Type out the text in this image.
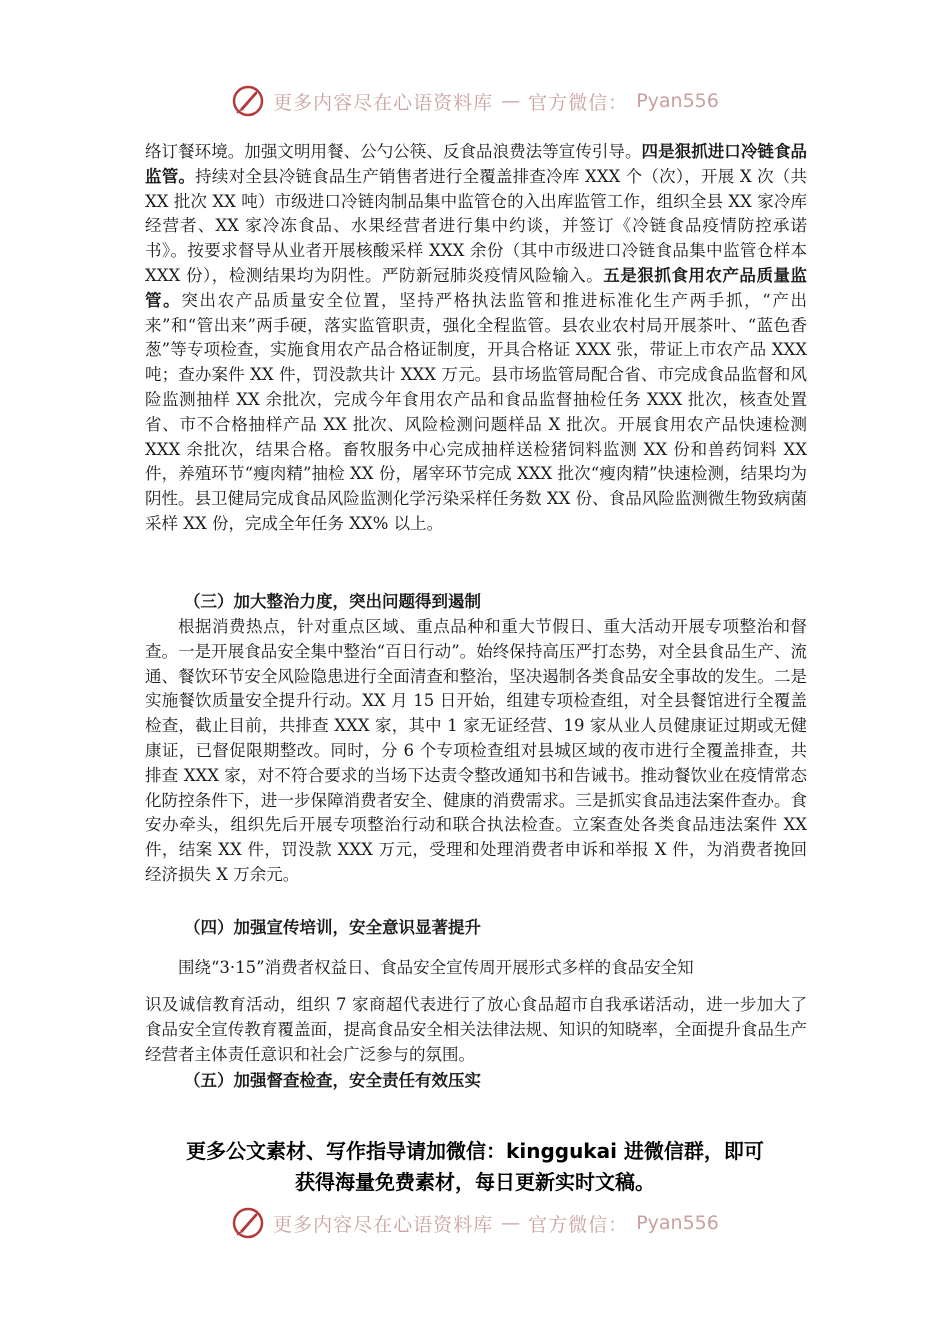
更多内容尽在心语资料库 — 官方微信： Pyan556

络订餐环境。加强文明用餐、公勺公筷、反食品浪费法等宣传引导。四是狠抓进口冷链食品监管。持续对全县冷链食品生产销售者进行全覆盖排查冷库 XXX 个（次），开展 X 次（共 XX 批次 XX 吨）市级进口冷链肉制品集中监管仓的入出库监管工作，组织全县 XX 家冷库经营者、XX 家冷冻食品、水果经营者进行集中约谈，并签订《冷链食品疫情防控承诺书》。按要求督导从业者开展核酸采样 XXX 余份（其中市级进口冷链食品集中监管仓样本 XXX 份），检测结果均为阴性。严防新冠肺炎疫情风险输入。五是狠抓食用农产品质量监管。突出农产品质量安全位置，坚持严格执法监管和推进标准化生产两手抓，“产出来”和“管出来”两手硬，落实监管职责，强化全程监管。县农业农村局开展茶叶、“蓝色香葱”等专项检查，实施食用农产品合格证制度，开具合格证 XXX 张，带证上市农产品 XXX 吨；查办案件 XX 件，罚没款共计 XXX 万元。县市场监管局配合省、市完成食品监督和风险监测抽样 XX 余批次，完成今年食用农产品和食品监督抽检任务 XXX 批次，核查处置省、市不合格抽样产品 XX 批次、风险检测问题样品 X 批次。开展食用农产品快速检测 XXX 余批次，结果合格。畜牧服务中心完成抽样送检猪饲料监测 XX 份和兽药饲料 XX 件，养殖环节“瘦肉精”抽检 XX 份，屠宰环节完成 XXX 批次“瘦肉精”快速检测，结果均为阴性。县卫健局完成食品风险监测化学污染采样任务数 XX 份、食品风险监测微生物致病菌采样 XX 份，完成全年任务 XX% 以上。

（三）加大整治力度，突出问题得到遏制

根据消费热点，针对重点区域、重点品种和重大节假日、重大活动开展专项整治和督查。一是开展食品安全集中整治“百日行动”。始终保持高压严打态势，对全县食品生产、流通、餐饮环节安全风险隐患进行全面清查和整治，坚决遏制各类食品安全事故的发生。二是实施餐饮质量安全提升行动。XX 月 15 日开始，组建专项检查组，对全县餐馆进行全覆盖检查，截止目前，共排查 XXX 家，其中 1 家无证经营、19 家从业人员健康证过期或无健康证，已督促限期整改。同时，分 6 个专项检查组对县城区域的夜市进行全覆盖排查，共排查 XXX 家，对不符合要求的当场下达责令整改通知书和告诫书。推动餐饮业在疫情常态化防控条件下，进一步保障消费者安全、健康的消费需求。三是抓实食品违法案件查办。食安办牵头，组织先后开展专项整治行动和联合执法检查。立案查处各类食品违法案件 XX 件，结案 XX 件，罚没款 XXX 万元，受理和处理消费者申诉和举报 X 件，为消费者挽回经济损失 X 万余元。

（四）加强宣传培训，安全意识显著提升

围绕“3·15”消费者权益日、食品安全宣传周开展形式多样的食品安全知

识及诚信教育活动，组织 7 家商超代表进行了放心食品超市自我承诺活动，进一步加大了食品安全宣传教育覆盖面，提高食品安全相关法律法规、知识的知晓率，全面提升食品生产经营者主体责任意识和社会广泛参与的氛围。

（五）加强督查检查，安全责任有效压实

更多公文素材、写作指导请加微信：kinggukai 进微信群，即可
获得海量免费素材，每日更新实时文稿。
更多内容尽在心语资料库 — 官方微信： Pyan556
